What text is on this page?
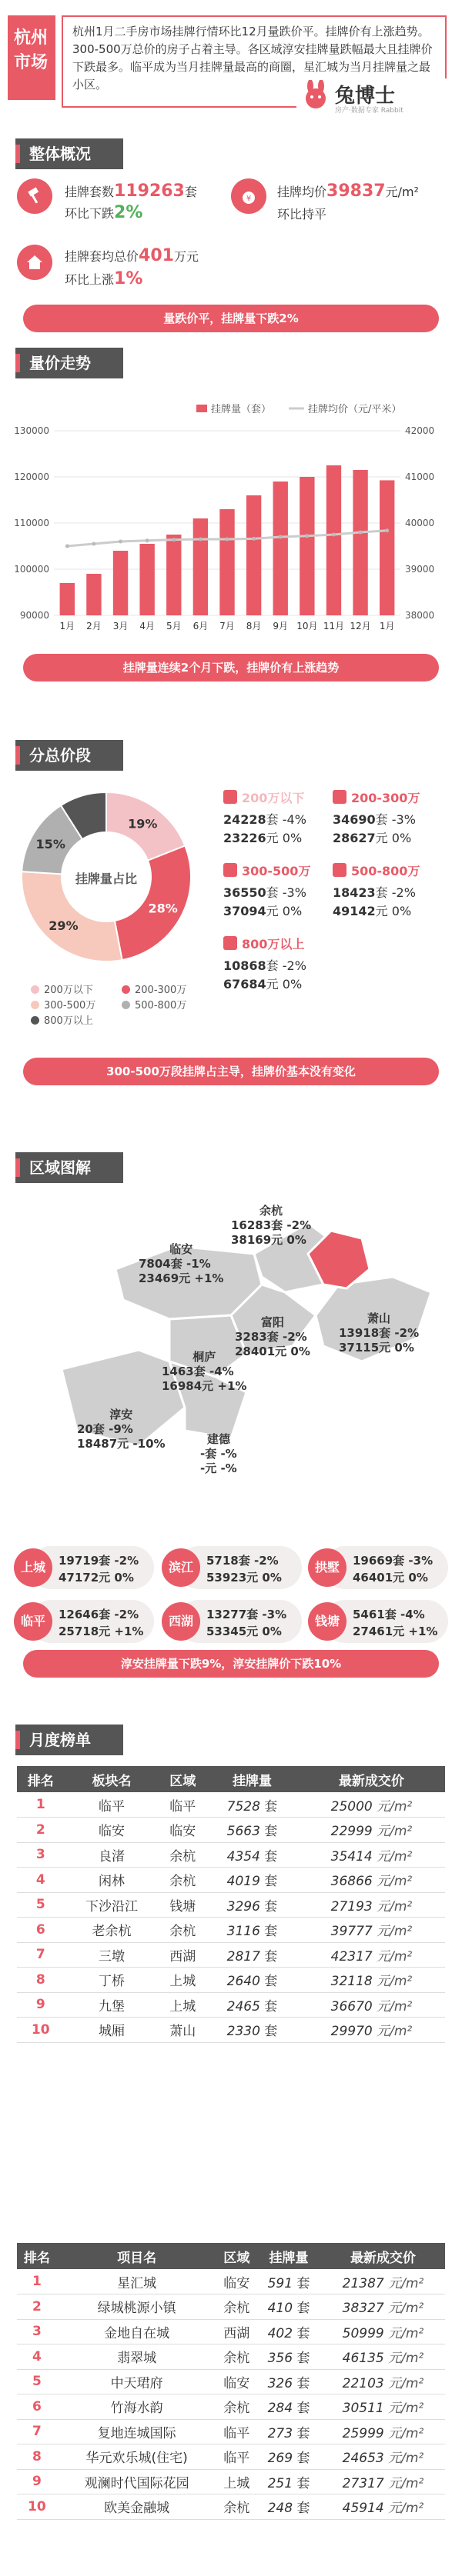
杭州
市场
杭州1月二手房市场挂牌行情环比12月量跌价平。挂牌价有上涨趋势。300-500万总价的房子占着主导。各区域淳安挂牌量跌幅最大且挂牌价下跌最多。临平成为当月挂牌量最高的商圈，星汇城为当月挂牌量之最小区。	兔博士
房产·数据专家 Rabbit
整体概况
挂牌套数119263套
环比下跌2%
¥ 挂牌均价39837元/m²
环比持平
挂牌套均总价401万元
环比上涨1%
量跌价平，挂牌量下跌2%
量价走势
挂牌量（套）	挂牌均价（元/平米）
90000
100000
110000
120000
130000
38000
39000
40000
41000
42000
1月 2月 3月 4月 5月 6月 7月 8月 9月 10月 11月 12月 1月
挂牌量连续2个月下跌，挂牌价有上涨趋势
分总价段
19%
28%
29%
15%
挂牌量占比
200万以下	200-300万
300-500万	500-800万
800万以上
200万以下
24228套 -4%
23226元 0%
200-300万
34690套 -3%
28627元 0%
300-500万
36550套 -3%
37094元 0%
500-800万
18423套 -2%
49142元 0%
800万以上
10868套 -2%
67684元 0%
300-500万段挂牌占主导，挂牌价基本没有变化
区域图解
余杭
16283套 -2%
38169元 0%
临安
7804套 -1%
23469元 +1%
富阳
3283套 -2%
28401元 0%
萧山
13918套 -2%
37115元 0%
桐庐
1463套 -4%
16984元 +1%
淳安
20套 -9%
18487元 -10%	建德
-套 -%
-元 -%
上城	19719套 -2%
47172元 0%
滨江	5718套 -2%
53923元 0%
拱墅	19669套 -3%
46401元 0%
临平	12646套 -2%
25718元 +1%
西湖	13277套 -3%
53345元 0%
钱塘	5461套 -4%
27461元 +1%
淳安挂牌量下跌9%，淳安挂牌价下跌10%
月度榜单
排名	板块名	区域	挂牌量	最新成交价
1	临平	临平	7528 套	25000 元/m²
2	临安	临安	5663 套	22999 元/m²
3	良渚	余杭	4354 套	35414 元/m²
4	闲林	余杭	4019 套	36866 元/m²
5	下沙沿江	钱塘	3296 套	27193 元/m²
6	老余杭	余杭	3116 套	39777 元/m²
7	三墩	西湖	2817 套	42317 元/m²
8	丁桥	上城	2640 套	32118 元/m²
9	九堡	上城	2465 套	36670 元/m²
10	城厢	萧山	2330 套	29970 元/m²
排名	项目名	区域	挂牌量	最新成交价
1	星汇城	临安	591 套	21387 元/m²
2	绿城桃源小镇	余杭	410 套	38327 元/m²
3	金地自在城	西湖	402 套	50999 元/m²
4	翡翠城	余杭	356 套	46135 元/m²
5	中天珺府	临安	326 套	22103 元/m²
6	竹海水韵	余杭	284 套	30511 元/m²
7	复地连城国际	临平	273 套	25999 元/m²
8	华元欢乐城(住宅)	临平	269 套	24653 元/m²
9	观澜时代国际花园	上城	251 套	27317 元/m²
10	欧美金融城	余杭	248 套	45914 元/m²
